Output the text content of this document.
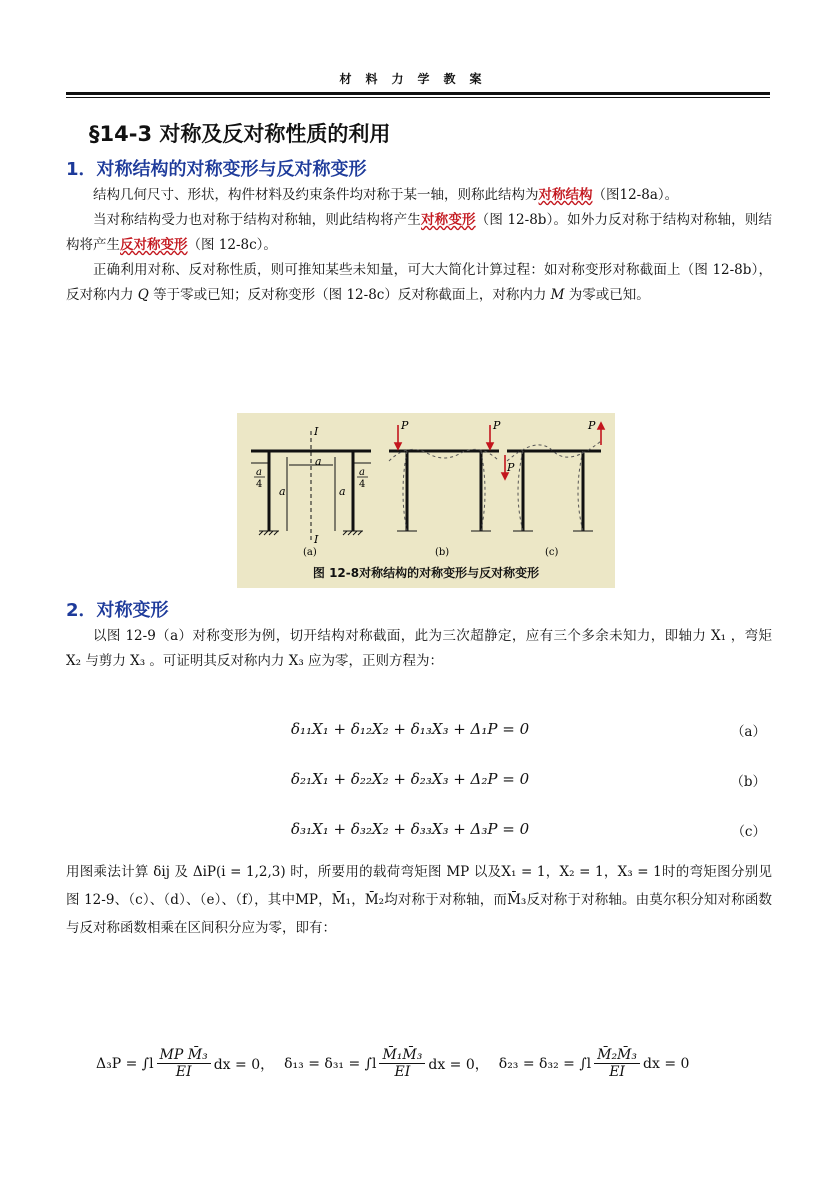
材料力学教案
§14-3 对称及反对称性质的利用
1．对称结构的对称变形与反对称变形

结构几何尺寸、形状，构件材料及约束条件均对称于某一轴，则称此结构为对称结构（图12-8a）。

当对称结构受力也对称于结构对称轴，则此结构将产生对称变形（图 12-8b）。如外力反对称于结构对称轴，则结构将产生反对称变形（图 12-8c）。

正确利用对称、反对称性质，则可推知某些未知量，可大大简化计算过程：如对称变形对称截面上（图 12-8b），反对称内力 Q 等于零或已知；反对称变形（图 12-8c）反对称截面上，对称内力 M 为零或已知。

I
I
a
a	a
a
4
a
4
P	P
P
P
(a)	(b)	(c)
图 12-8对称结构的对称变形与反对称变形
2．对称变形

以图 12-9（a）对称变形为例，切开结构对称截面，此为三次超静定，应有三个多余未知力，即轴力 X₁ ，弯矩 X₂ 与剪力 X₃ 。可证明其反对称内力 X₃ 应为零，正则方程为：

δ₁₁X₁ + δ₁₂X₂ + δ₁₃X₃ + Δ₁P = 0	（a）
δ₂₁X₁ + δ₂₂X₂ + δ₂₃X₃ + Δ₂P = 0	（b）
δ₃₁X₁ + δ₃₂X₂ + δ₃₃X₃ + Δ₃P = 0	（c）

用图乘法计算 δij 及 ΔiP(i = 1,2,3) 时，所要用的载荷弯矩图 MP 以及X₁ = 1，X₂ = 1，X₃ = 1时的弯矩图分别见图 12-9、（c）、（d）、（e）、（f），其中MP，M̄₁，M̄₂均对称于对称轴，而M̄₃反对称于对称轴。由莫尔积分知对称函数与反对称函数相乘在区间积分应为零，即有：

$\Delta_3P = \int l \frac{\text{MP M̄₃}}{EI}$ dx = 0， $\delta_{13} = \delta_{31} = \int l \frac{\text{M̄₁M̄₃}}{EI}$ dx = 0， $\delta_{23} = \delta_{32} = \int l \frac{\text{M̄₂M̄₃}}{EI}$ dx = 0
